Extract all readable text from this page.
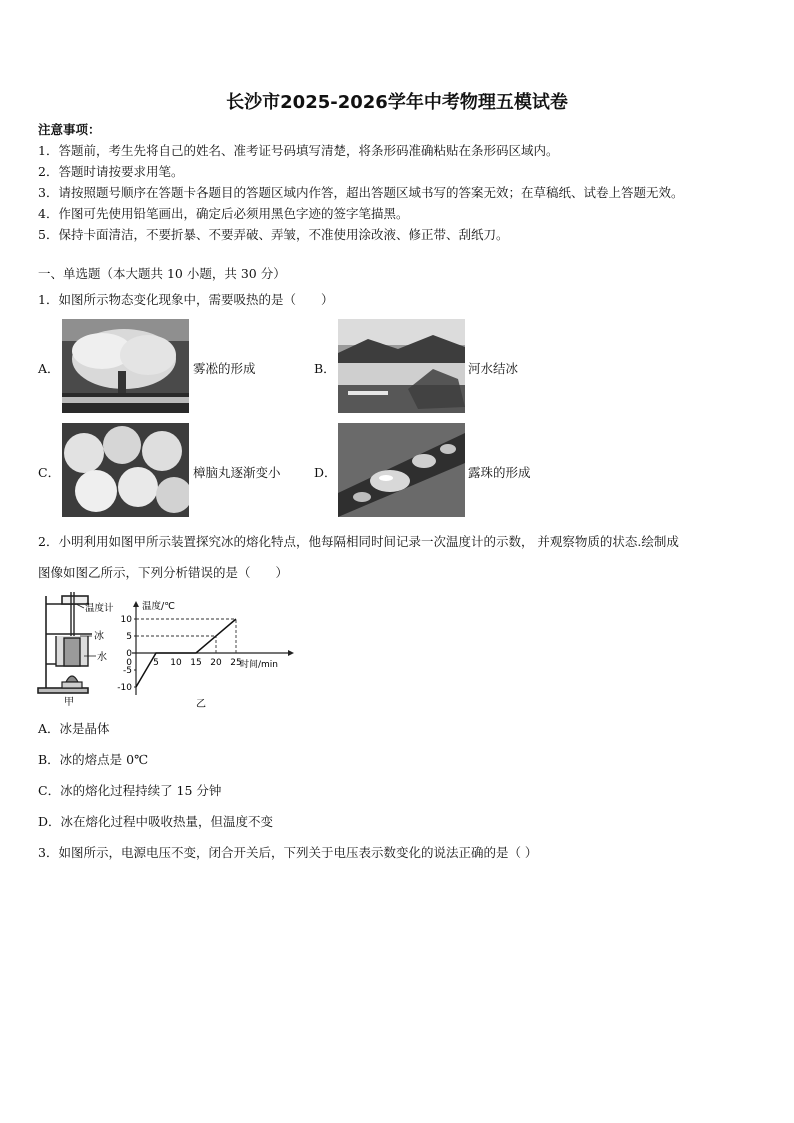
长沙市2025-2026学年中考物理五模试卷
注意事项：
1．答题前，考生先将自己的姓名、准考证号码填写清楚，将条形码准确粘贴在条形码区域内。
2．答题时请按要求用笔。
3．请按照题号顺序在答题卡各题目的答题区域内作答，超出答题区域书写的答案无效；在草稿纸、试卷上答题无效。
4．作图可先使用铅笔画出，确定后必须用黑色字迹的签字笔描黑。
5．保持卡面清洁，不要折暴、不要弄破、弄皱，不准使用涂改液、修正带、刮纸刀。
一、单选题（本大题共 10 小题，共 30 分）
1．如图所示物态变化现象中，需要吸热的是（　　）
A．	雾凇的形成	B．	河水结冰
C．	樟脑丸逐渐变小	D．	露珠的形成
2．小明利用如图甲所示装置探究冰的熔化特点，他每隔相同时间记录一次温度计的示数， 并观察物质的状态.绘制成
图像如图乙所示，下列分析错误的是（　　）
温度计
冰
水
甲
10
5
0
-5
-10
5 10 15 20 25
0
温度/℃
时间/min
乙
A．冰是晶体
B．冰的熔点是 0℃
C．冰的熔化过程持续了 15 分钟
D．冰在熔化过程中吸收热量，但温度不变
3．如图所示，电源电压不变，闭合开关后，下列关于电压表示数变化的说法正确的是（ ）
